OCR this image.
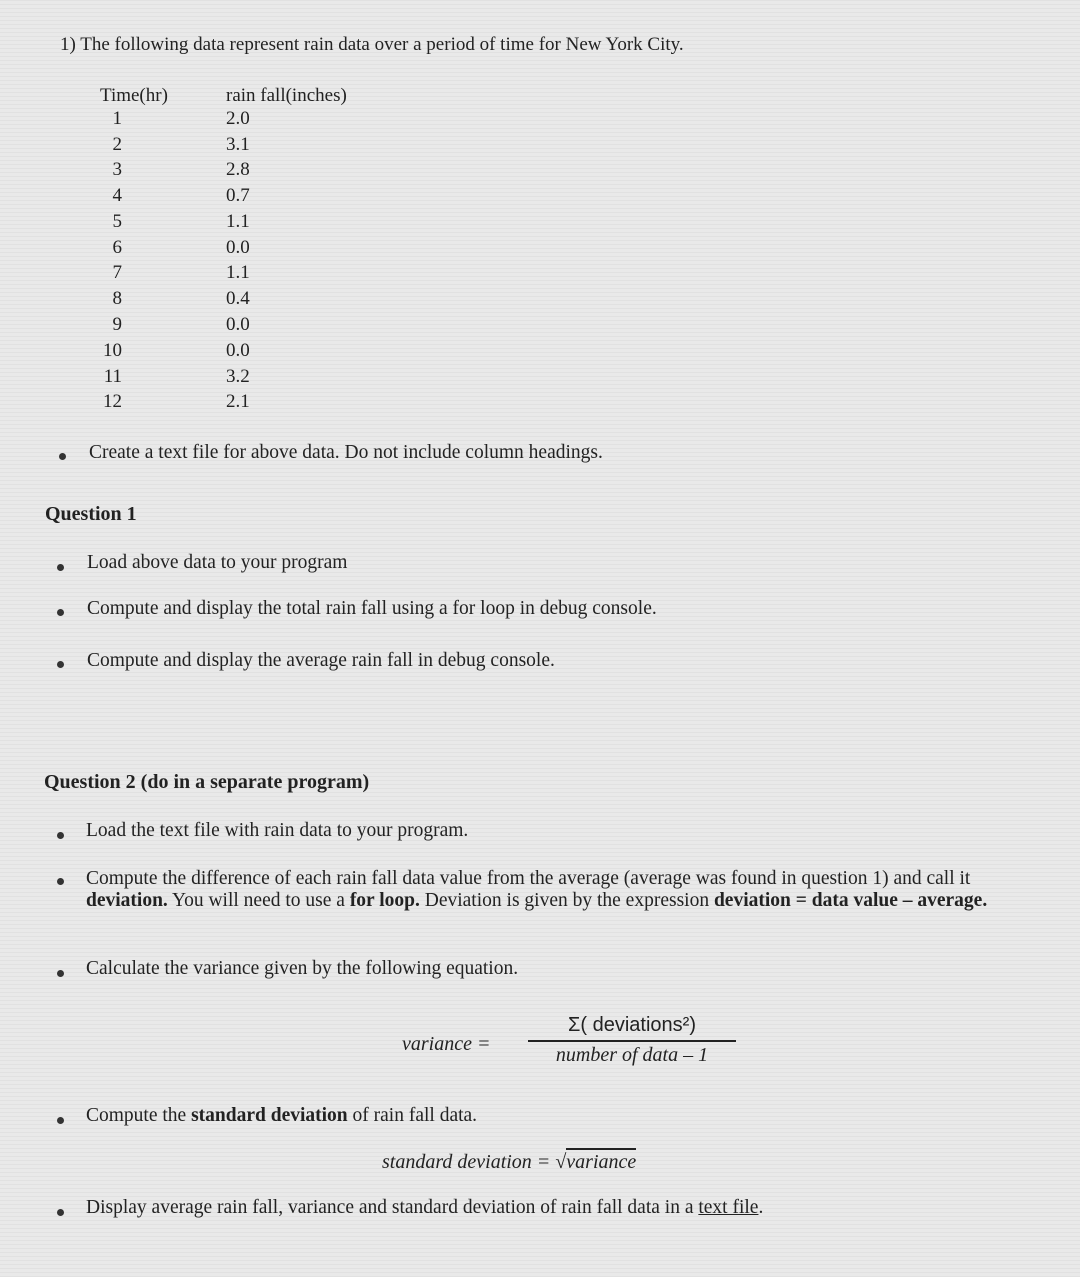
1) The following data represent rain data over a period of time for New York City.
Time(hr)	rain fall(inches)
1	2.0
2	3.1
3	2.8
4	0.7
5	1.1
6	0.0
7	1.1
8	0.4
9	0.0
10	0.0
11	3.2
12	2.1
Create a text file for above data. Do not include column headings.
Question 1
Load above data to your program
Compute and display the total rain fall using a for loop in debug console.
Compute and display the average rain fall in debug console.
Question 2 (do in a separate program)
Load the text file with rain data to your program.
Compute the difference of each rain fall data value from the average (average was found in question 1) and call it deviation. You will need to use a for loop. Deviation is given by the expression deviation = data value – average.
Calculate the variance given by the following equation.
variance =
Σ( deviations²)
number of data – 1
Compute the standard deviation of rain fall data.
standard deviation = √variance
Display average rain fall, variance and standard deviation of rain fall data in a text file.
